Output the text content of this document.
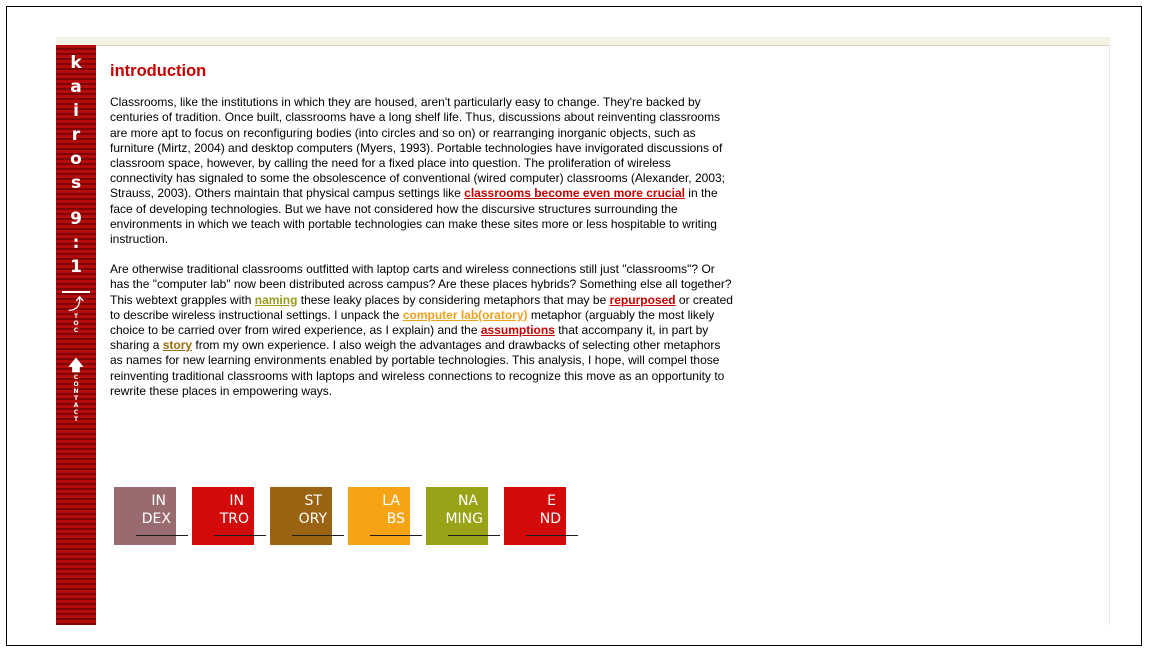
k
a
i
r
o
s
9
:
1
⤴
T
O
C
🡅
C
O
N
T
A
C
T
introduction

Classrooms, like the institutions in which they are housed, aren't particularly easy to change. They're backed by centuries of tradition. Once built, classrooms have a long shelf life. Thus, discussions about reinventing classrooms are more apt to focus on reconfiguring bodies (into circles and so on) or rearranging inorganic objects, such as furniture (Mirtz, 2004) and desktop computers (Myers, 1993). Portable technologies have invigorated discussions of classroom space, however, by calling the need for a fixed place into question. The proliferation of wireless connectivity has signaled to some the obsolescence of conventional (wired computer) classrooms (Alexander, 2003; Strauss, 2003). Others maintain that physical campus settings like classrooms become even more crucial in the face of developing technologies. But we have not considered how the discursive structures surrounding the environments in which we teach with portable technologies can make these sites more or less hospitable to writing instruction.

Are otherwise traditional classrooms outfitted with laptop carts and wireless connections still just "classrooms"? Or has the "computer lab" now been distributed across campus? Are these places hybrids? Something else all together? This webtext grapples with naming these leaky places by considering metaphors that may be repurposed or created to describe wireless instructional settings. I unpack the computer lab(oratory) metaphor (arguably the most likely choice to be carried over from wired experience, as I explain) and the assumptions that accompany it, in part by sharing a story from my own experience. I also weigh the advantages and drawbacks of selecting other metaphors as names for new learning environments enabled by portable technologies. This analysis, I hope, will compel those reinventing traditional classrooms with laptops and wireless connections to recognize this move as an opportunity to rewrite these places in empowering ways.

IN
DEX
IN
TRO
ST
ORY
LA
BS
NA
MING
E
ND
